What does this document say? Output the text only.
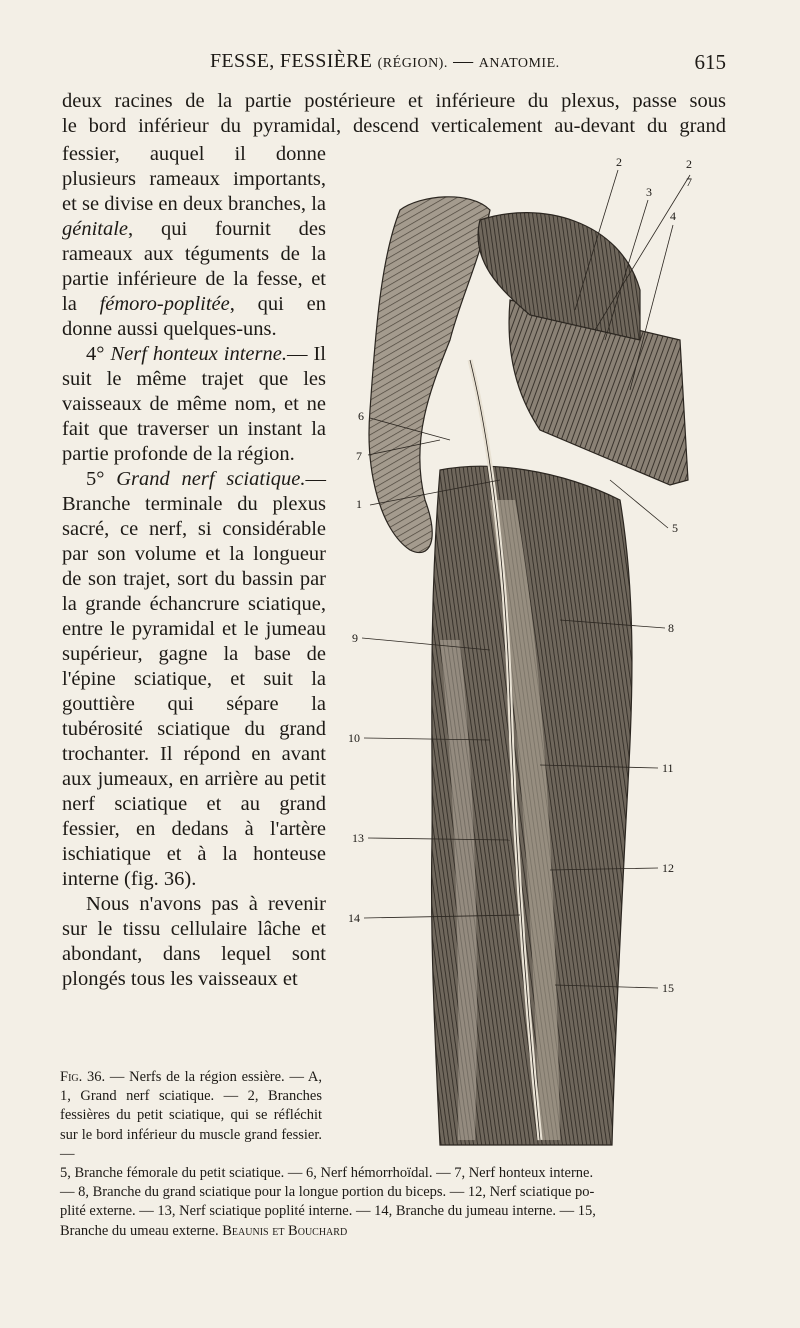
FESSE, FESSIÈRE (RÉGION). — ANATOMIE.	615

deux racines de la partie postérieure et inférieure du plexus, passe sous

le bord inférieur du pyramidal, descend verticalement au-devant du grand

fessier, auquel il donne plusieurs rameaux importants, et se divise en deux branches, la génitale, qui fournit des rameaux aux téguments de la partie inférieure de la fesse, et la fémoro-poplitée, qui en donne aussi quelques-uns.

4° Nerf honteux interne.— Il suit le même trajet que les vaisseaux de même nom, et ne fait que traverser un instant la partie profonde de la région.

5° Grand nerf sciatique.— Branche terminale du plexus sacré, ce nerf, si considérable par son volume et la longueur de son trajet, sort du bassin par la grande échancrure sciatique, entre le pyramidal et le jumeau supérieur, gagne la base de l'épine sciatique, et suit la gouttière qui sépare la tubérosité sciatique du grand trochanter. Il répond en avant aux jumeaux, en arrière au petit nerf sciatique et au grand fessier, en dedans à l'artère ischiatique et à la honteuse interne (fig. 36).

Nous n'avons pas à revenir sur le tissu cellulaire lâche et abondant, dans lequel sont plongés tous les vaisseaux et

2	2
7
3
4
6
7
1
5
8
9
10
11
13
12
14
15
Fig. 36. — Nerfs de la région essière. — A, 1, Grand nerf sciatique. — 2, Branches fessières du petit sciatique, qui se réfléchit sur le bord inférieur du muscle grand fessier.—
5, Branche fémorale du petit sciatique. — 6, Nerf hémorrhoïdal. — 7, Nerf honteux interne.
— 8, Branche du grand sciatique pour la longue portion du biceps. — 12, Nerf sciatique po-
plité externe. — 13, Nerf sciatique poplité interne. — 14, Branche du jumeau interne. — 15,
Branche du umeau externe. Beaunis et Bouchard
